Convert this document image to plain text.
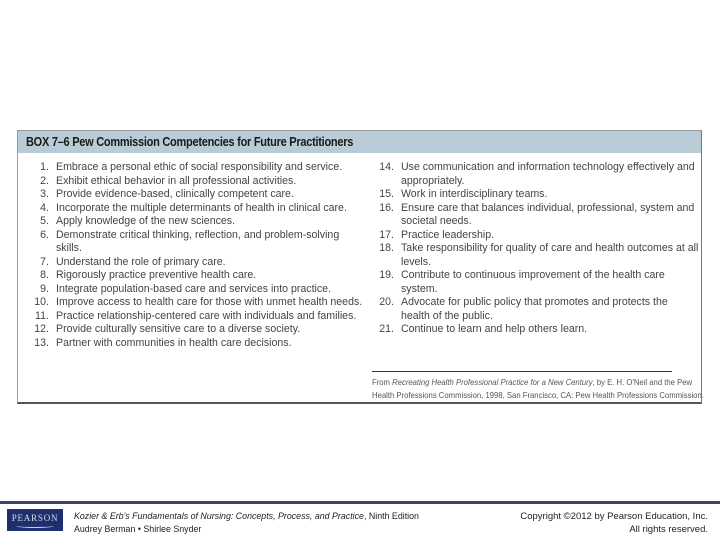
BOX 7–6 Pew Commission Competencies for Future Practitioners
1. Embrace a personal ethic of social responsibility and service.
2. Exhibit ethical behavior in all professional activities.
3. Provide evidence-based, clinically competent care.
4. Incorporate the multiple determinants of health in clinical care.
5. Apply knowledge of the new sciences.
6. Demonstrate critical thinking, reflection, and problem-solving skills.
7. Understand the role of primary care.
8. Rigorously practice preventive health care.
9. Integrate population-based care and services into practice.
10. Improve access to health care for those with unmet health needs.
11. Practice relationship-centered care with individuals and families.
12. Provide culturally sensitive care to a diverse society.
13. Partner with communities in health care decisions.
14. Use communication and information technology effectively and appropriately.
15. Work in interdisciplinary teams.
16. Ensure care that balances individual, professional, system and societal needs.
17. Practice leadership.
18. Take responsibility for quality of care and health outcomes at all levels.
19. Contribute to continuous improvement of the health care system.
20. Advocate for public policy that promotes and protects the health of the public.
21. Continue to learn and help others learn.
From Recreating Health Professional Practice for a New Century, by E. H. O'Neil and the Pew
Health Professions Commission, 1998, San Francisco, CA: Pew Health Professions Commission.
PEARSON Kozier & Erb's Fundamentals of Nursing: Concepts, Process, and Practice, Ninth Edition
Audrey Berman • Shirlee Snyder
Copyright ©2012 by Pearson Education, Inc.
All rights reserved.
